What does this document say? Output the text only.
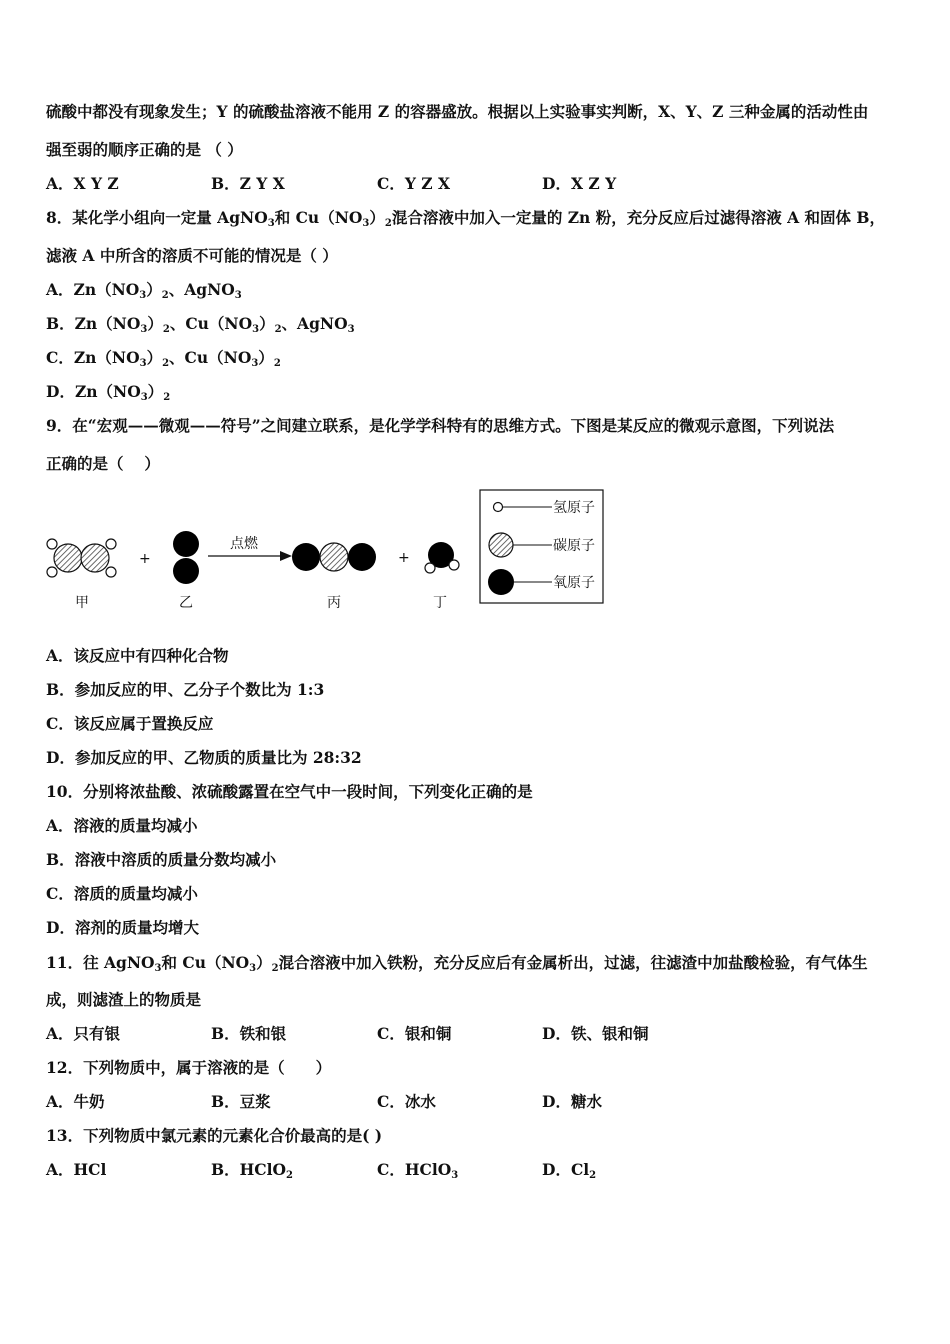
硫酸中都没有现象发生；Y 的硫酸盐溶液不能用 Z 的容器盛放。根据以上实验事实判断，X、Y、Z 三种金属的活动性由
强至弱的顺序正确的是 （ ）
A．X Y Z	B．Z Y X	C．Y Z X	D．X Z Y
8．某化学小组向一定量 AgNO$_3$和 $Cu(NO_3)_2$混合溶液中加入一定量的 Zn 粉，充分反应后过滤得溶液 A 和固体 B，
滤液 A 中所含的溶质不可能的情况是（ ）
A．$Zn(NO_3)_2$、AgNO$_3$
B．$Zn(NO_3)_2$、$Cu(NO_3)_2$、AgNO$_3$
C．$Zn(NO_3)_2$、$Cu(NO_3)_2$
D．$Zn(NO_3)_2$
9．在“宏观——微观——符号”之间建立联系，是化学学科特有的思维方式。下图是某反应的微观示意图，下列说法
正确的是（　 ）
+
点燃
+
甲	乙	丙	丁
氢原子
碳原子
氧原子
A．该反应中有四种化合物
B．参加反应的甲、乙分子个数比为 1:3
C．该反应属于置换反应
D．参加反应的甲、乙物质的质量比为 28:32
10．分别将浓盐酸、浓硫酸露置在空气中一段时间，下列变化正确的是
A．溶液的质量均减小
B．溶液中溶质的质量分数均减小
C．溶质的质量均减小
D．溶剂的质量均增大
11．往 AgNO$_3$和 $Cu(NO_3)_2$混合溶液中加入铁粉，充分反应后有金属析出，过滤，往滤渣中加盐酸检验，有气体生
成，则滤渣上的物质是
A．只有银	B．铁和银	C．银和铜	D．铁、银和铜
12．下列物质中，属于溶液的是（　　）
A．牛奶	B．豆浆	C．冰水	D．糖水
13．下列物质中氯元素的元素化合价最高的是( )
A．HCl	B．HClO$_2$	C．HClO$_3$	D．$Cl_2$
